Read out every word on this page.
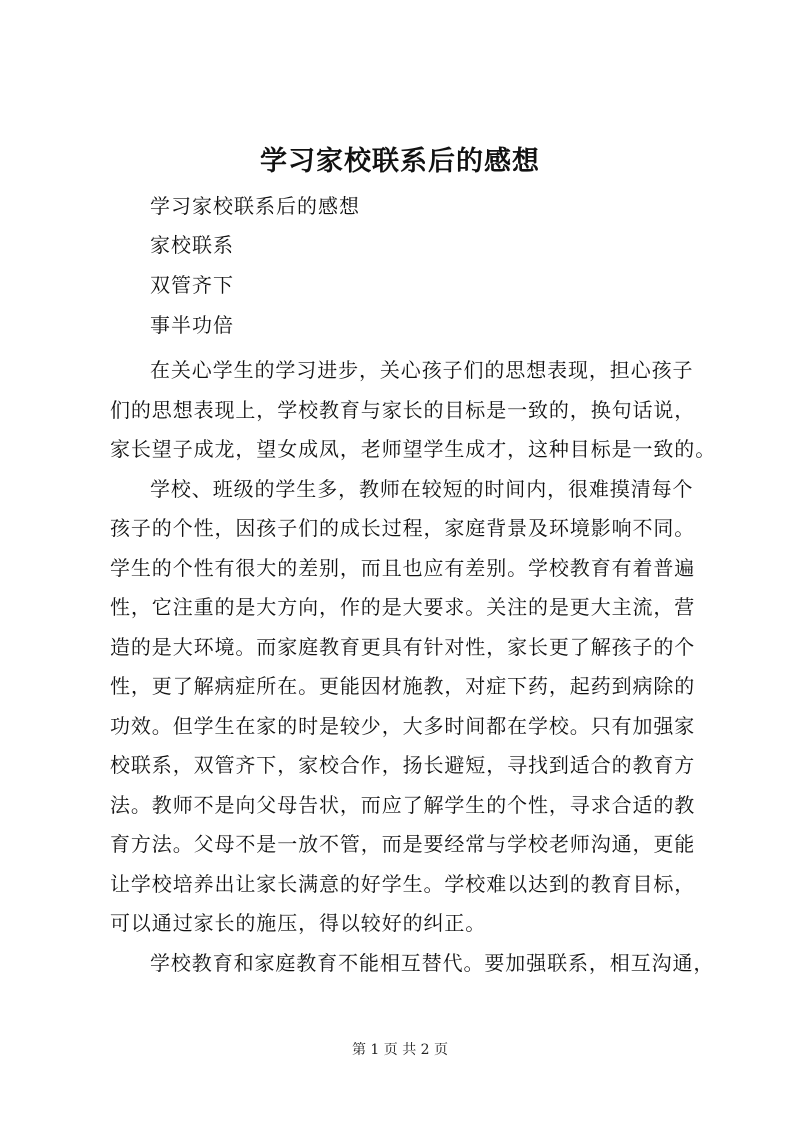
学习家校联系后的感想

学习家校联系后的感想

家校联系

双管齐下

事半功倍

在关心学生的学习进步，关心孩子们的思想表现，担心孩子
们的思想表现上，学校教育与家长的目标是一致的，换句话说，
家长望子成龙，望女成凤，老师望学生成才，这种目标是一致的。

学校、班级的学生多，教师在较短的时间内，很难摸清每个
孩子的个性，因孩子们的成长过程，家庭背景及环境影响不同。
学生的个性有很大的差别，而且也应有差别。学校教育有着普遍
性，它注重的是大方向，作的是大要求。关注的是更大主流，营
造的是大环境。而家庭教育更具有针对性，家长更了解孩子的个
性，更了解病症所在。更能因材施教，对症下药，起药到病除的
功效。但学生在家的时是较少，大多时间都在学校。只有加强家
校联系，双管齐下，家校合作，扬长避短，寻找到适合的教育方
法。教师不是向父母告状，而应了解学生的个性，寻求合适的教
育方法。父母不是一放不管，而是要经常与学校老师沟通，更能
让学校培养出让家长满意的好学生。学校难以达到的教育目标，
可以通过家长的施压，得以较好的纠正。

学校教育和家庭教育不能相互替代。要加强联系，相互沟通，

第 1 页 共 2 页
